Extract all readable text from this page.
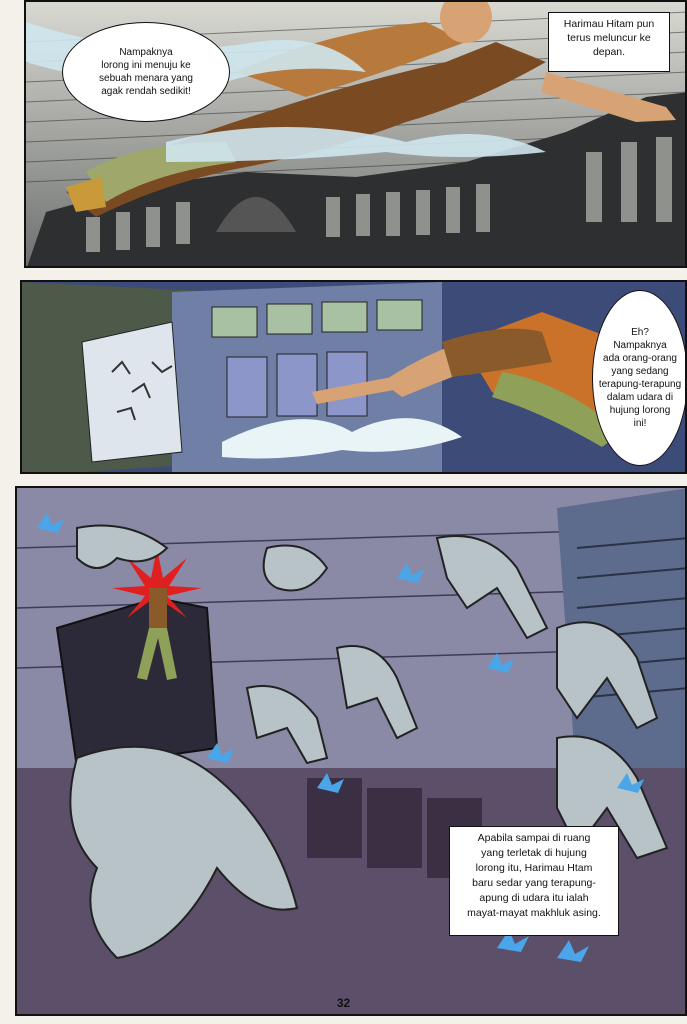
Nampaknya
lorong ini menuju ke
sebuah menara yang
agak rendah sedikit!
Harimau Hitam pun
terus meluncur ke
depan.
Eh?
Nampaknya
ada orang-orang
yang sedang
terapung-terapung
dalam udara di
hujung lorong
ini!
Apabila sampai di ruang
yang terletak di hujung
lorong itu, Harimau Htam
baru sedar yang terapung-
apung di udara itu ialah
mayat-mayat makhluk asing.
32
